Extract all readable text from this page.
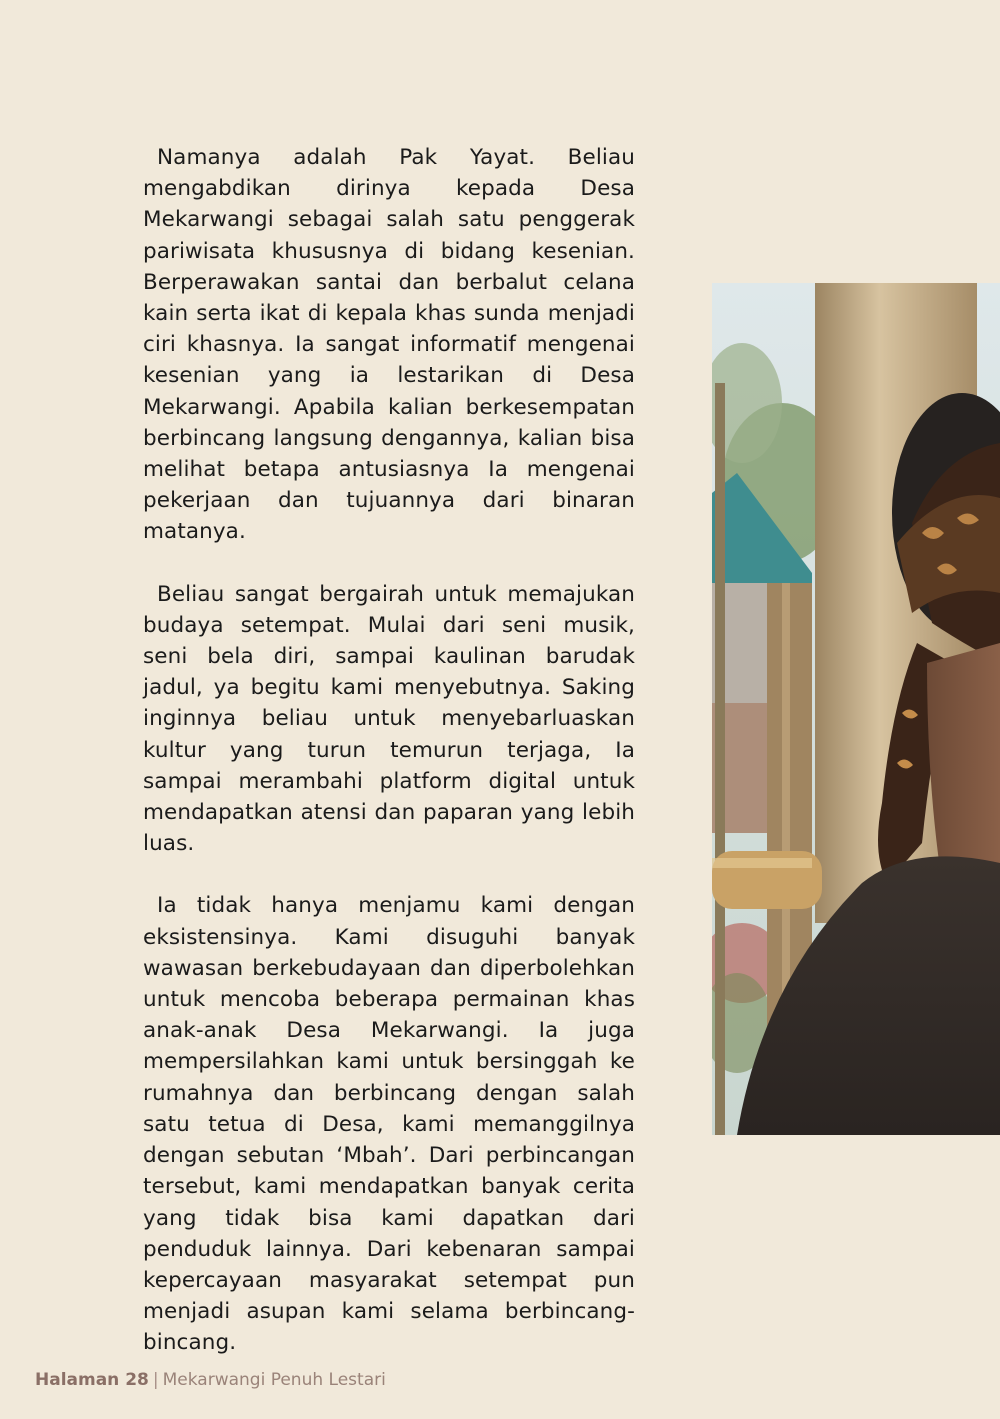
Namanya adalah Pak Yayat. Beliau mengabdikan dirinya kepada Desa Mekarwangi sebagai salah satu penggerak pariwisata khususnya di bidang kesenian. Berperawakan santai dan berbalut celana kain serta ikat di kepala khas sunda menjadi ciri khasnya. Ia sangat informatif mengenai kesenian yang ia lestarikan di Desa Mekarwangi. Apabila kalian berkesempatan berbincang langsung dengannya, kalian bisa melihat betapa antusiasnya Ia mengenai pekerjaan dan tujuannya dari binaran matanya.

Beliau sangat bergairah untuk memajukan budaya setempat. Mulai dari seni musik, seni bela diri, sampai kaulinan barudak jadul, ya begitu kami menyebutnya. Saking inginnya beliau untuk menyebarluaskan kultur yang turun temurun terjaga, Ia sampai merambahi platform digital untuk mendapatkan atensi dan paparan yang lebih luas.

Ia tidak hanya menjamu kami dengan eksistensinya. Kami disuguhi banyak wawasan berkebudayaan dan diperbolehkan untuk mencoba beberapa permainan khas anak-anak Desa Mekarwangi. Ia juga mempersilahkan kami untuk bersinggah ke rumahnya dan berbincang dengan salah satu tetua di Desa, kami memanggilnya dengan sebutan ‘Mbah’. Dari perbincangan tersebut, kami mendapatkan banyak cerita yang tidak bisa kami dapatkan dari penduduk lainnya. Dari kebenaran sampai kepercayaan masyarakat setempat pun menjadi asupan kami selama berbincang-bincang.

Halaman 28 | Mekarwangi Penuh Lestari
